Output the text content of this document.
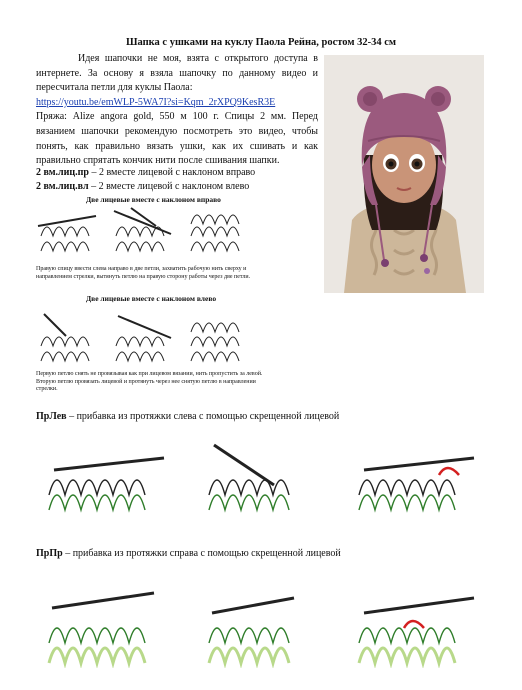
Шапка с ушками на куклу Паола Рейна, ростом 32-34 см

Идея шапочки не моя, взята с открытого доступа в интернете. За основу я взяла шапочку по данному видео и пересчитала петли для куклы Паола:

https://youtu.be/emWLP-5WA7I?si=Kqm_2rXPQ9KesR3E

Пряжа: Alize angora gold, 550 м 100 г. Спицы 2 мм. Перед вязанием шапочки рекомендую посмотреть это видео, чтобы понять, как правильно вязать ушки, как их сшивать и как правильно спрятать кончик нити после сшивания шапки.

2 вм.лиц.пр – 2 вместе лицевой с наклоном вправо
2 вм.лиц.вл – 2 вместе лицевой с наклоном влево
Две лицевые вместе с наклоном вправо
Правую спицу ввести слева направо в две петли, захватить рабочую нить сверху и направлением стрелки, вытянуть петлю на правую сторону работы через две петли.
Две лицевые вместе с наклоном влево
Первую петлю снять не провязывая как при лицевом вязании, нить пропустить за левой. Вторую петлю провязать лицевой и протянуть через нее снятую петлю в направлении стрелки.
ПрЛев – прибавка из протяжки слева с помощью скрещенной лицевой
ПрПр – прибавка из протяжки справа с помощью скрещенной лицевой
